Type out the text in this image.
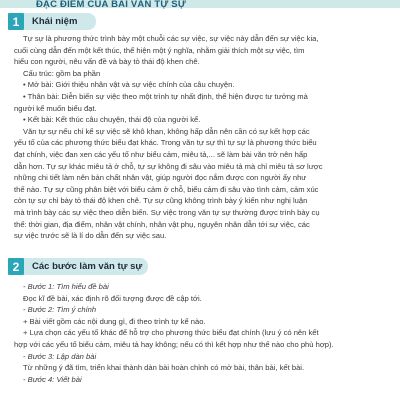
ĐẶC ĐIỂM CỦA BÀI VĂN TỰ SỰ
1	Khái niệm

Tự sự là phương thức trình bày một chuỗi các sự việc, sự việc này dẫn đến sự việc kia,

cuối cùng dẫn đến một kết thúc, thể hiện một ý nghĩa, nhằm giải thích một sự việc, tìm

hiểu con người, nêu vấn đề và bày tỏ thái độ khen chê.

Cấu trúc: gồm ba phần

• Mở bài: Giới thiệu nhân vật và sự việc chính của câu chuyện.

• Thân bài: Diễn biến sự việc theo một trình tự nhất định, thể hiện được tư tưởng mà

người kể muốn biểu đạt.

• Kết bài: Kết thúc câu chuyện, thái độ của người kể.

Văn tự sự nếu chỉ kể sự việc sẽ khô khan, không hấp dẫn nên cần có sự kết hợp các

yếu tố của các phương thức biểu đạt khác. Trong văn tự sự thì tự sự là phương thức biểu

đạt chính, việc đan xen các yếu tố như biểu cảm, miêu tả,... sẽ làm bài văn trở nên hấp

dẫn hơn. Tự sự khác miêu tả ở chỗ, tự sự không đi sâu vào miêu tả mà chỉ miêu tả sơ lược

những chi tiết làm nên bản chất nhân vật, giúp người đọc nắm được con người ấy như

thế nào. Tự sự cũng phân biệt với biểu cảm ở chỗ, biểu cảm đi sâu vào tình cảm, cảm xúc

còn tự sự chỉ bày tỏ thái độ khen chê. Tự sự cũng không trình bày ý kiến như nghị luận

mà trình bày các sự việc theo diễn biến. Sự việc trong văn tự sự thường được trình bày cụ

thể: thời gian, địa điểm, nhân vật chính, nhân vật phụ, nguyên nhân dẫn tới sự việc, các

sự việc trước sẽ là lí do dẫn đến sự việc sau.

2	Các bước làm văn tự sự

- Bước 1: Tìm hiểu đề bài

Đọc kĩ đề bài, xác định rõ đối tượng được đề cập tới.

- Bước 2: Tìm ý chính

+ Bài viết gồm các nội dung gì, đi theo trình tự kể nào.

+ Lựa chọn các yếu tố khác để hỗ trợ cho phương thức biểu đạt chính (lưu ý có nên kết

hợp với các yếu tố biểu cảm, miêu tả hay không; nếu có thì kết hợp như thế nào cho phù hợp).

- Bước 3: Lập dàn bài

Từ những ý đã tìm, triển khai thành dàn bài hoàn chỉnh có mở bài, thân bài, kết bài.

- Bước 4: Viết bài
